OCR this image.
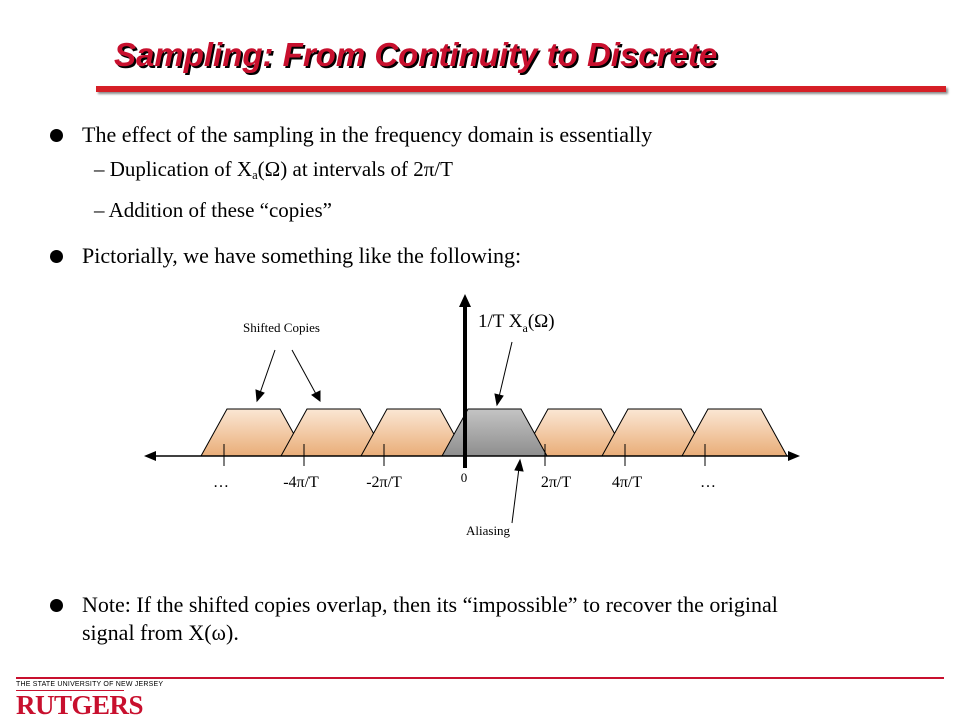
Sampling: From Continuity to Discrete
The effect of the sampling in the frequency domain is essentially
– Duplication of $X_a(\Omega)$ at intervals of 2π/T
– Addition of these “copies”
Pictorially, we have something like the following:
Shifted Copies
Aliasing
1/T $X_a(\Omega)$
…	-4π/T	-2π/T	0	2π/T	4π/T	…
Note: If the shifted copies overlap, then its “impossible” to recover the original
signal from X(ω).
THE STATE UNIVERSITY OF NEW JERSEY
RUTGERS
